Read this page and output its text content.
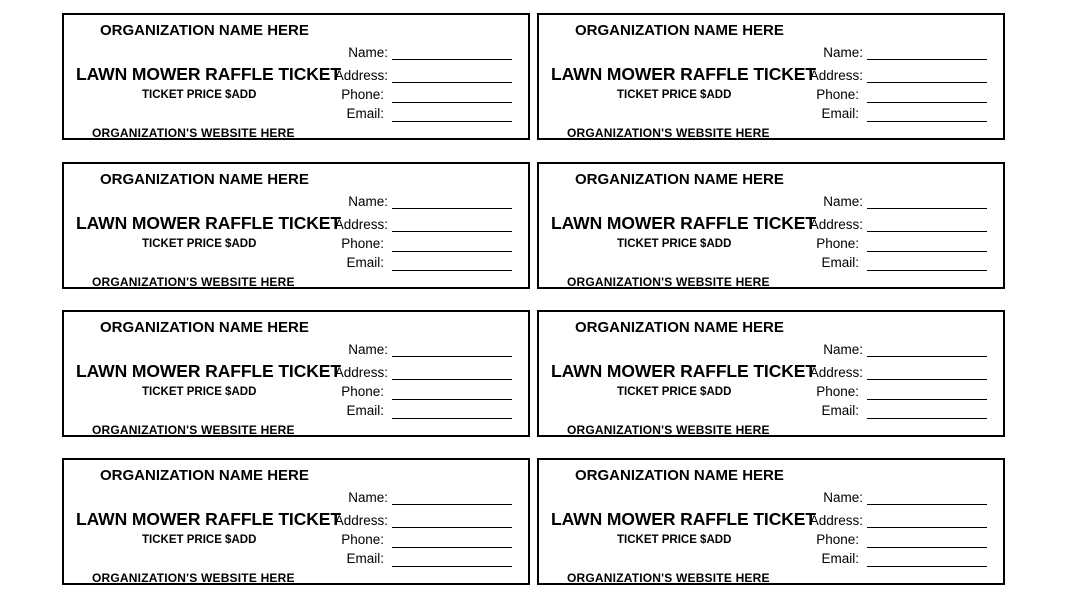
ORGANIZATION NAME HERE
LAWN MOWER RAFFLE TICKET
TICKET PRICE $ADD
ORGANIZATION'S WEBSITE HERE
Name:
Address:
Phone:
Email:
ORGANIZATION NAME HERE
LAWN MOWER RAFFLE TICKET
TICKET PRICE $ADD
ORGANIZATION'S WEBSITE HERE
Name:
Address:
Phone:
Email:
ORGANIZATION NAME HERE
LAWN MOWER RAFFLE TICKET
TICKET PRICE $ADD
ORGANIZATION'S WEBSITE HERE
Name:
Address:
Phone:
Email:
ORGANIZATION NAME HERE
LAWN MOWER RAFFLE TICKET
TICKET PRICE $ADD
ORGANIZATION'S WEBSITE HERE
Name:
Address:
Phone:
Email:
ORGANIZATION NAME HERE
LAWN MOWER RAFFLE TICKET
TICKET PRICE $ADD
ORGANIZATION'S WEBSITE HERE
Name:
Address:
Phone:
Email:
ORGANIZATION NAME HERE
LAWN MOWER RAFFLE TICKET
TICKET PRICE $ADD
ORGANIZATION'S WEBSITE HERE
Name:
Address:
Phone:
Email:
ORGANIZATION NAME HERE
LAWN MOWER RAFFLE TICKET
TICKET PRICE $ADD
ORGANIZATION'S WEBSITE HERE
Name:
Address:
Phone:
Email:
ORGANIZATION NAME HERE
LAWN MOWER RAFFLE TICKET
TICKET PRICE $ADD
ORGANIZATION'S WEBSITE HERE
Name:
Address:
Phone:
Email:
